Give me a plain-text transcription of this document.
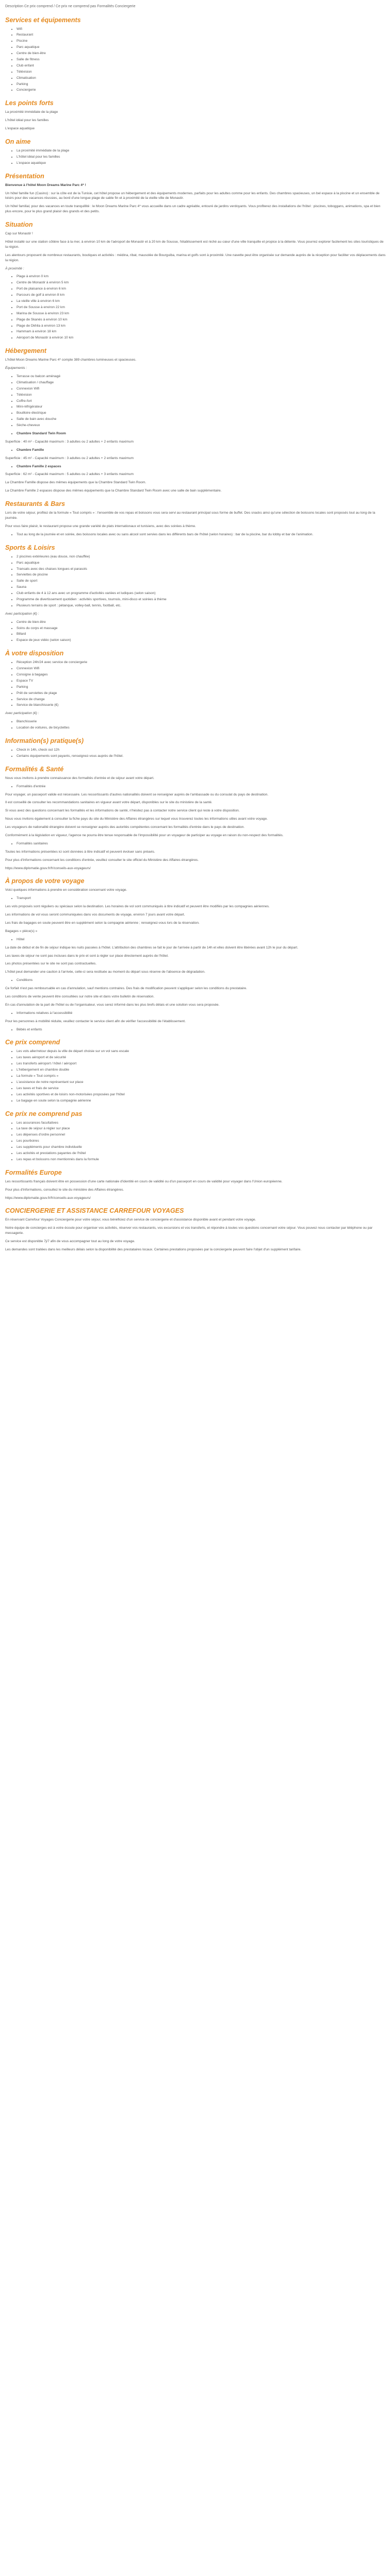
Description Ce prix comprend / Ce prix ne comprend pas Formalités Conciergerie
Services et équipements
• Wifi
• Restaurant
• Piscine
• Parc aquatique
• Centre de bien-être
• Salle de fitness
• Club enfant
• Télévision
• Climatisation
• Parking
• Conciergerie
Les points forts

La proximité immédiate de la plage

L'hôtel idéal pour les familles

L'espace aquatique

On aime
• La proximité immédiate de la plage
• L'hôtel idéal pour les familles
• L'espace aquatique
Présentation

Bienvenue à l'hôtel Moon Dreams Marine Parc 4* !

Un hôtel famille fun (Casino) : sur la côte est de la Tunisie, cet hôtel propose un hébergement et des équipements modernes, parfaits pour les adultes comme pour les enfants. Des chambres spacieuses, un bel espace à la piscine et un ensemble de loisirs pour des vacances réussies, au bord d'une longue plage de sable fin et à proximité de la vieille ville de Monastir.

Un hôtel familial, pour des vacances en toute tranquillité : le Moon Dreams Marine Parc 4* vous accueille dans un cadre agréable, entouré de jardins verdoyants. Vous profiterez des installations de l'hôtel : piscines, toboggans, animations, spa et bien plus encore, pour le plus grand plaisir des grands et des petits.

Situation

Cap sur Monastir !

Hôtel installé sur une station côtière face à la mer, à environ 10 km de l'aéroport de Monastir et à 20 km de Sousse, l'établissement est niché au cœur d'une ville tranquille et propice à la détente. Vous pourrez explorer facilement les sites touristiques de la région.

Les alentours proposent de nombreux restaurants, boutiques et activités : médina, ribat, mausolée de Bourguiba, marina et golfs sont à proximité. Une navette peut être organisée sur demande auprès de la réception pour faciliter vos déplacements dans la région.

À proximité :

• Plage à environ 0 km
• Centre de Monastir à environ 5 km
• Port de plaisance à environ 6 km
• Parcours de golf à environ 8 km
• La vieille ville à environ 6 km
• Port de Sousse à environ 22 km
• Marina de Sousse à environ 23 km
• Plage de Skanès à environ 10 km
• Plage de Dkhila à environ 13 km
• Hammam à environ 18 km
• Aéroport de Monastir à environ 10 km
Hébergement

L'hôtel Moon Dreams Marine Parc 4* compte 389 chambres lumineuses et spacieuses.

Équipements :

• Terrasse ou balcon aménagé
• Climatisation / chauffage
• Connexion Wifi
• Télévision
• Coffre-fort
• Mini-réfrigérateur
• Bouilloire électrique
• Salle de bain avec douche
• Sèche-cheveux
• Chambre Standard Twin Room

Superficie : 40 m² - Capacité maximum : 3 adultes ou 2 adultes + 2 enfants maximum

• Chambre Famille

Superficie : 45 m² - Capacité maximum : 3 adultes ou 2 adultes + 2 enfants maximum

• Chambre Famille 2 espaces

Superficie : 62 m² - Capacité maximum : 5 adultes ou 2 adultes + 3 enfants maximum

La Chambre Famille dispose des mêmes équipements que la Chambre Standard Twin Room.

La Chambre Famille 2 espaces dispose des mêmes équipements que la Chambre Standard Twin Room avec une salle de bain supplémentaire.

Restaurants & Bars

Lors de votre séjour, profitez de la formule « Tout compris » : l'ensemble de vos repas et boissons vous sera servi au restaurant principal sous forme de buffet. Des snacks ainsi qu'une sélection de boissons locales sont proposés tout au long de la journée.

Pour vous faire plaisir, le restaurant propose une grande variété de plats internationaux et tunisiens, avec des soirées à thème.

• Tout au long de la journée et en soirée, des boissons locales avec ou sans alcool sont servies dans les différents bars de l'hôtel (selon horaires) : bar de la piscine, bar du lobby et bar de l'animation.
Sports & Loisirs
• 2 piscines extérieures (eau douce, non chauffée)
• Parc aquatique
• Transats avec des chaises longues et parasols
• Serviettes de piscine
• Salle de sport
• Sauna
• Club enfants de 4 à 12 ans avec un programme d'activités variées et ludiques (selon saison)
• Programme de divertissement quotidien : activités sportives, tournois, mini-disco et soirées à thème
• Plusieurs terrains de sport : pétanque, volley-ball, tennis, football, etc.

Avec participation (€) :

• Centre de bien-être
• Soins du corps et massage
• Billard
• Espace de jeux vidéo (selon saison)
À votre disposition
• Réception 24h/24 avec service de conciergerie
• Connexion Wifi
• Consigne à bagages
• Espace TV
• Parking
• Prêt de serviettes de plage
• Service de change
• Service de blanchisserie (€)

Avec participation (€) :

• Blanchisserie
• Location de voitures, de bicyclettes
Information(s) pratique(s)
• Check in 14h, check out 12h
• Certains équipements sont payants, renseignez-vous auprès de l'hôtel.
Formalités & Santé

Nous vous invitons à prendre connaissance des formalités d'entrée et de séjour avant votre départ.

• Formalités d'entrée

Pour voyager, un passeport valide est nécessaire. Les ressortissants d'autres nationalités doivent se renseigner auprès de l'ambassade ou du consulat du pays de destination.

Il est conseillé de consulter les recommandations sanitaires en vigueur avant votre départ, disponibles sur le site du ministère de la santé.

Si vous avez des questions concernant les formalités et les informations de santé, n'hésitez pas à contacter notre service client qui reste à votre disposition.

Nous vous invitons également à consulter la fiche pays du site du Ministère des Affaires étrangères sur lequel vous trouverez toutes les informations utiles avant votre voyage.

Les voyageurs de nationalité étrangère doivent se renseigner auprès des autorités compétentes concernant les formalités d'entrée dans le pays de destination.

Conformément à la législation en vigueur, l'agence ne pourra être tenue responsable de l'impossibilité pour un voyageur de participer au voyage en raison du non-respect des formalités.

• Formalités sanitaires

Toutes les informations présentées ici sont données à titre indicatif et peuvent évoluer sans préavis.

Pour plus d'informations concernant les conditions d'entrée, veuillez consulter le site officiel du Ministère des Affaires étrangères.

https://www.diplomatie.gouv.fr/fr/conseils-aux-voyageurs/

À propos de votre voyage

Voici quelques informations à prendre en considération concernant votre voyage.

• Transport

Les vols proposés sont réguliers ou spéciaux selon la destination. Les horaires de vol sont communiqués à titre indicatif et peuvent être modifiés par les compagnies aériennes.

Les informations de vol vous seront communiquées dans vos documents de voyage, environ 7 jours avant votre départ.

Les frais de bagages en soute peuvent être en supplément selon la compagnie aérienne ; renseignez-vous lors de la réservation.

Bagages « pièce(s) »

• Hôtel

La date de début et de fin de séjour indique les nuits passées à l'hôtel. L'attribution des chambres se fait le jour de l'arrivée à partir de 14h et elles doivent être libérées avant 12h le jour du départ.

Les taxes de séjour ne sont pas incluses dans le prix et sont à régler sur place directement auprès de l'hôtel.

Les photos présentées sur le site ne sont pas contractuelles.

L'hôtel peut demander une caution à l'arrivée, celle-ci sera restituée au moment du départ sous réserve de l'absence de dégradation.

• Conditions

Ce forfait n'est pas remboursable en cas d'annulation, sauf mentions contraires. Des frais de modification peuvent s'appliquer selon les conditions du prestataire.

Les conditions de vente peuvent être consultées sur notre site et dans votre bulletin de réservation.

En cas d'annulation de la part de l'hôtel ou de l'organisateur, vous serez informé dans les plus brefs délais et une solution vous sera proposée.

• Informations relatives à l'accessibilité

Pour les personnes à mobilité réduite, veuillez contacter le service client afin de vérifier l'accessibilité de l'établissement.

• Bébés et enfants
Ce prix comprend
• Les vols aller/retour depuis la ville de départ choisie sur un vol sans escale
• Les taxes aéroport et de sécurité
• Les transferts aéroport / hôtel / aéroport
• L'hébergement en chambre double
• La formule « Tout compris »
• L'assistance de notre représentant sur place
• Les taxes et frais de service
• Les activités sportives et de loisirs non-motorisées proposées par l'hôtel
• Le bagage en soute selon la compagnie aérienne
Ce prix ne comprend pas
• Les assurances facultatives
• La taxe de séjour à régler sur place
• Les dépenses d'ordre personnel
• Les pourboires
• Les suppléments pour chambre individuelle
• Les activités et prestations payantes de l'hôtel
• Les repas et boissons non mentionnés dans la formule
Formalités Europe

Les ressortissants français doivent être en possession d'une carte nationale d'identité en cours de validité ou d'un passeport en cours de validité pour voyager dans l'Union européenne.

Pour plus d'informations, consultez le site du ministère des Affaires étrangères.

https://www.diplomatie.gouv.fr/fr/conseils-aux-voyageurs/

CONCIERGERIE ET ASSISTANCE CARREFOUR VOYAGES

En réservant Carrefour Voyages Conciergerie pour votre séjour, vous bénéficiez d'un service de conciergerie et d'assistance disponible avant et pendant votre voyage.

Notre équipe de concierges est à votre écoute pour organiser vos activités, réserver vos restaurants, vos excursions et vos transferts, et répondre à toutes vos questions concernant votre séjour. Vous pouvez nous contacter par téléphone ou par messagerie.

Ce service est disponible 7j/7 afin de vous accompagner tout au long de votre voyage.

Les demandes sont traitées dans les meilleurs délais selon la disponibilité des prestataires locaux. Certaines prestations proposées par la conciergerie peuvent faire l'objet d'un supplément tarifaire.
